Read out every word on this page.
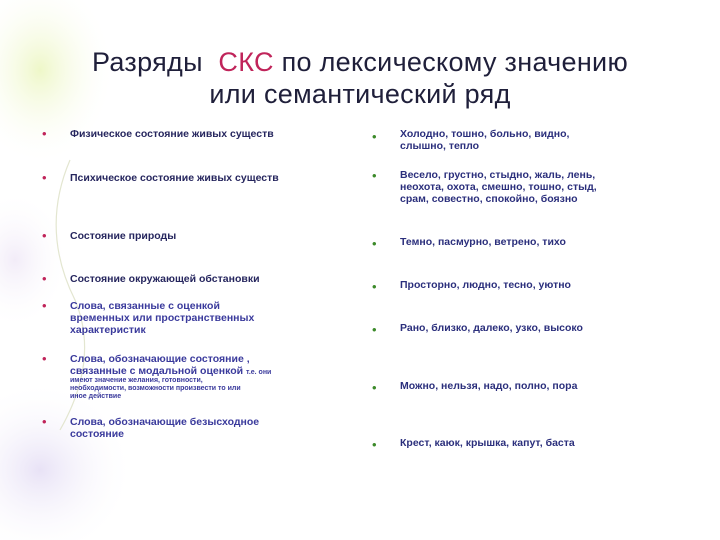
Разряды СКС по лексическому значению
или семантический ряд
• Физическое состояние живых существ
• Психическое состояние живых существ
• Состояние природы
• Состояние окружающей обстановки
• Слова, связанные с оценкой
временных или пространственных
характеристик
• Слова, обозначающие состояние ,
связанные с модальной оценкой т.е. они
имеют значение желания, готовности,
необходимости, возможности произвести то или
иное действие
• Слова, обозначающие безысходное
состояние
• Холодно, тошно, больно, видно,
слышно, тепло
• Весело, грустно, стыдно, жаль, лень,
неохота, охота, смешно, тошно, стыд,
срам, совестно, спокойно, боязно
• Темно, пасмурно, ветрено, тихо
• Просторно, людно, тесно, уютно
• Рано, близко, далеко, узко, высоко
• Можно, нельзя, надо, полно, пора
• Крест, каюк, крышка, капут, баста
